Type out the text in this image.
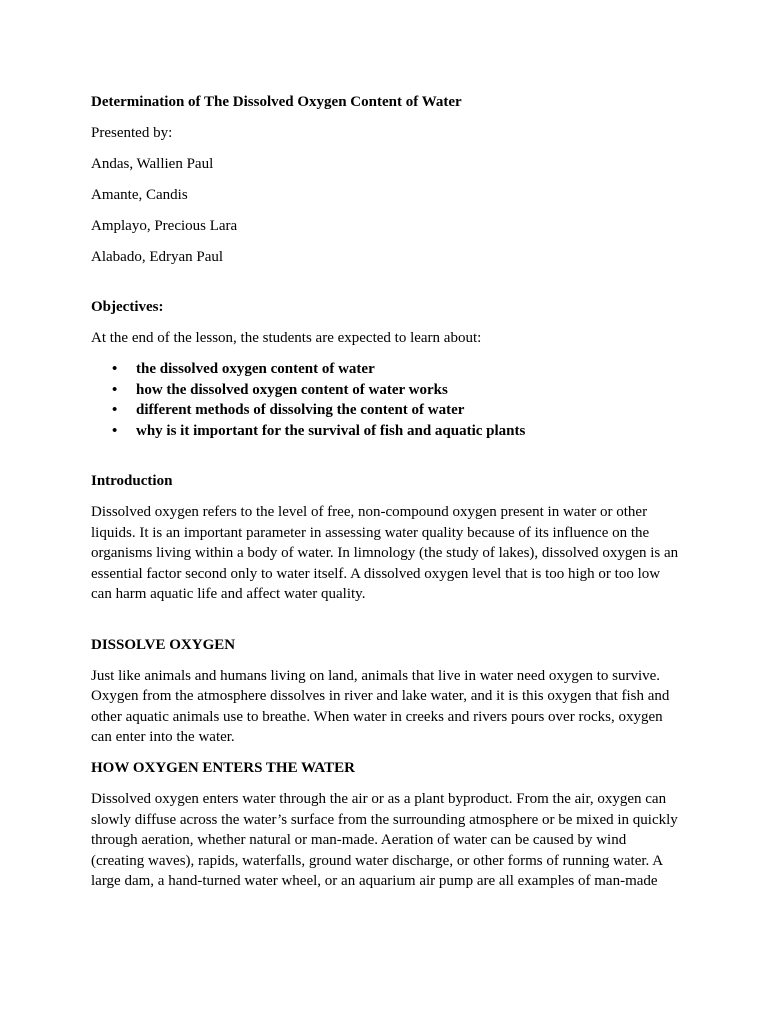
Determination of The Dissolved Oxygen Content of Water

Presented by:

Andas, Wallien Paul

Amante, Candis

Amplayo, Precious Lara

Alabado, Edryan Paul

Objectives:

At the end of the lesson, the students are expected to learn about:

• the dissolved oxygen content of water
• how the dissolved oxygen content of water works
• different methods of dissolving the content of water
• why is it important for the survival of fish and aquatic plants

Introduction

Dissolved oxygen refers to the level of free, non-compound oxygen present in water or other liquids. It is an important parameter in assessing water quality because of its influence on the organisms living within a body of water. In limnology (the study of lakes), dissolved oxygen is an essential factor second only to water itself. A dissolved oxygen level that is too high or too low can harm aquatic life and affect water quality.

DISSOLVE OXYGEN

Just like animals and humans living on land, animals that live in water need oxygen to survive. Oxygen from the atmosphere dissolves in river and lake water, and it is this oxygen that fish and other aquatic animals use to breathe. When water in creeks and rivers pours over rocks, oxygen can enter into the water.

HOW OXYGEN ENTERS THE WATER

Dissolved oxygen enters water through the air or as a plant byproduct. From the air, oxygen can slowly diffuse across the water’s surface from the surrounding atmosphere or be mixed in quickly through aeration, whether natural or man-made. Aeration of water can be caused by wind (creating waves), rapids, waterfalls, ground water discharge, or other forms of running water. A large dam, a hand-turned water wheel, or an aquarium air pump are all examples of man-made
